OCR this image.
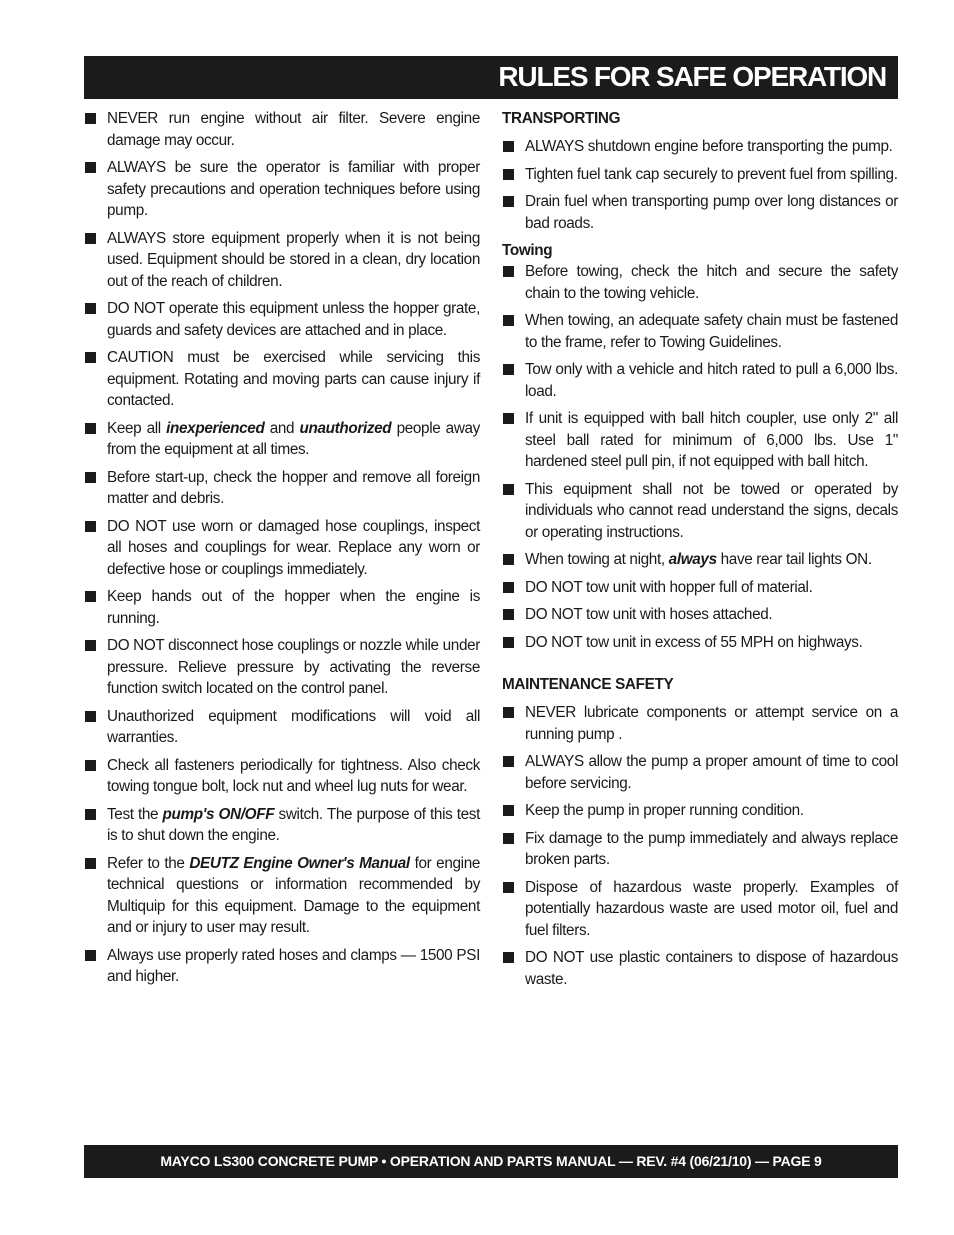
RULES FOR SAFE OPERATION
NEVER run engine without air filter. Severe engine damage may occur.
ALWAYS be sure the operator is familiar with proper safety precautions and operation techniques before using pump.
ALWAYS store equipment properly when it is not being used. Equipment should be stored in a clean, dry location out of the reach of children.
DO NOT operate this equipment unless the hopper grate, guards and safety devices are attached and in place.
CAUTION must be exercised while servicing this equipment. Rotating and moving parts can cause injury if contacted.
Keep all inexperienced and unauthorized people away from the equipment at all times.
Before start-up, check the hopper and remove all foreign matter and debris.
DO NOT use worn or damaged hose couplings, inspect all hoses and couplings for wear. Replace any worn or defective hose or couplings immediately.
Keep hands out of the hopper when the engine is running.
DO NOT disconnect hose couplings or nozzle while under pressure. Relieve pressure by activating the reverse function switch located on the control panel.
Unauthorized equipment modifications will void all warranties.
Check all fasteners periodically for tightness. Also check towing tongue bolt, lock nut and wheel lug nuts for wear.
Test the pump's ON/OFF switch. The purpose of this test is to shut down the engine.
Refer to the DEUTZ Engine Owner's Manual for engine technical questions or information recommended by Multiquip for this equipment. Damage to the equipment and or injury to user may result.
Always use properly rated hoses and clamps — 1500 PSI and higher.
TRANSPORTING
ALWAYS shutdown engine before transporting the pump.
Tighten fuel tank cap securely to prevent fuel from spilling.
Drain fuel when transporting pump over long distances or bad roads.
Towing
Before towing, check the hitch and secure the safety chain to the towing vehicle.
When towing, an adequate safety chain must be fastened to the frame, refer to Towing Guidelines.
Tow only with a vehicle and hitch rated to pull a 6,000 lbs. load.
If unit is equipped with ball hitch coupler, use only 2" all steel ball rated for minimum of 6,000 lbs. Use 1" hardened steel pull pin, if not equipped with ball hitch.
This equipment shall not be towed or operated by individuals who cannot read understand the signs, decals or operating instructions.
When towing at night, always have rear tail lights ON.
DO NOT tow unit with hopper full of material.
DO NOT tow unit with hoses attached.
DO NOT tow unit in excess of 55 MPH on highways.
MAINTENANCE SAFETY
NEVER lubricate components or attempt service on a running pump .
ALWAYS allow the pump a proper amount of time to cool before servicing.
Keep the pump in proper running condition.
Fix damage to the pump immediately and always replace broken parts.
Dispose of hazardous waste properly. Examples of potentially hazardous waste are used motor oil, fuel and fuel filters.
DO NOT use plastic containers to dispose of hazardous waste.
MAYCO LS300 CONCRETE PUMP • OPERATION AND PARTS MANUAL — REV. #4 (06/21/10) — PAGE 9
